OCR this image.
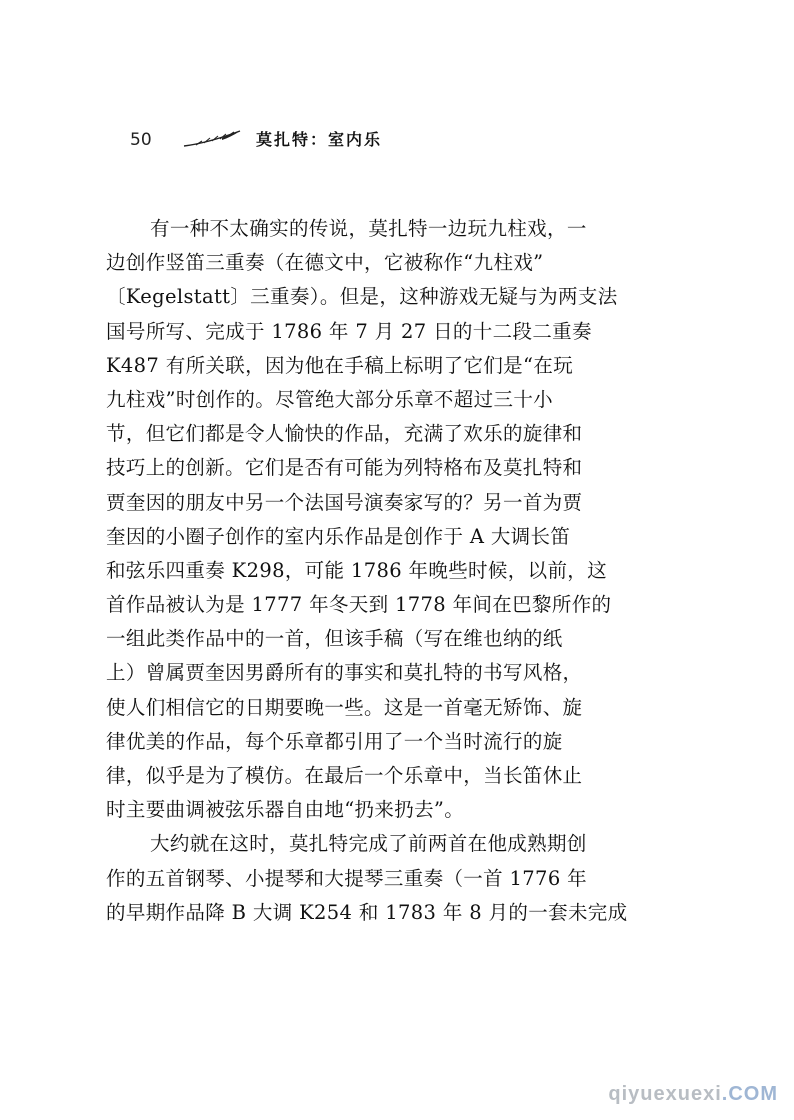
50	莫扎特：室内乐
有一种不太确实的传说，莫扎特一边玩九柱戏，一
边创作竖笛三重奏（在德文中，它被称作“九柱戏”
〔Kegelstatt〕三重奏）。但是，这种游戏无疑与为两支法
国号所写、完成于 1786 年 7 月 27 日的十二段二重奏
K487 有所关联，因为他在手稿上标明了它们是“在玩
九柱戏”时创作的。尽管绝大部分乐章不超过三十小
节，但它们都是令人愉快的作品，充满了欢乐的旋律和
技巧上的创新。它们是否有可能为列特格布及莫扎特和
贾奎因的朋友中另一个法国号演奏家写的？另一首为贾
奎因的小圈子创作的室内乐作品是创作于 A 大调长笛
和弦乐四重奏 K298，可能 1786 年晚些时候，以前，这
首作品被认为是 1777 年冬天到 1778 年间在巴黎所作的
一组此类作品中的一首，但该手稿（写在维也纳的纸
上）曾属贾奎因男爵所有的事实和莫扎特的书写风格，
使人们相信它的日期要晚一些。这是一首毫无矫饰、旋
律优美的作品，每个乐章都引用了一个当时流行的旋
律，似乎是为了模仿。在最后一个乐章中，当长笛休止
时主要曲调被弦乐器自由地“扔来扔去”。
大约就在这时，莫扎特完成了前两首在他成熟期创
作的五首钢琴、小提琴和大提琴三重奏（一首 1776 年
的早期作品降 B 大调 K254 和 1783 年 8 月的一套未完成
qiyuexuexi.COM
